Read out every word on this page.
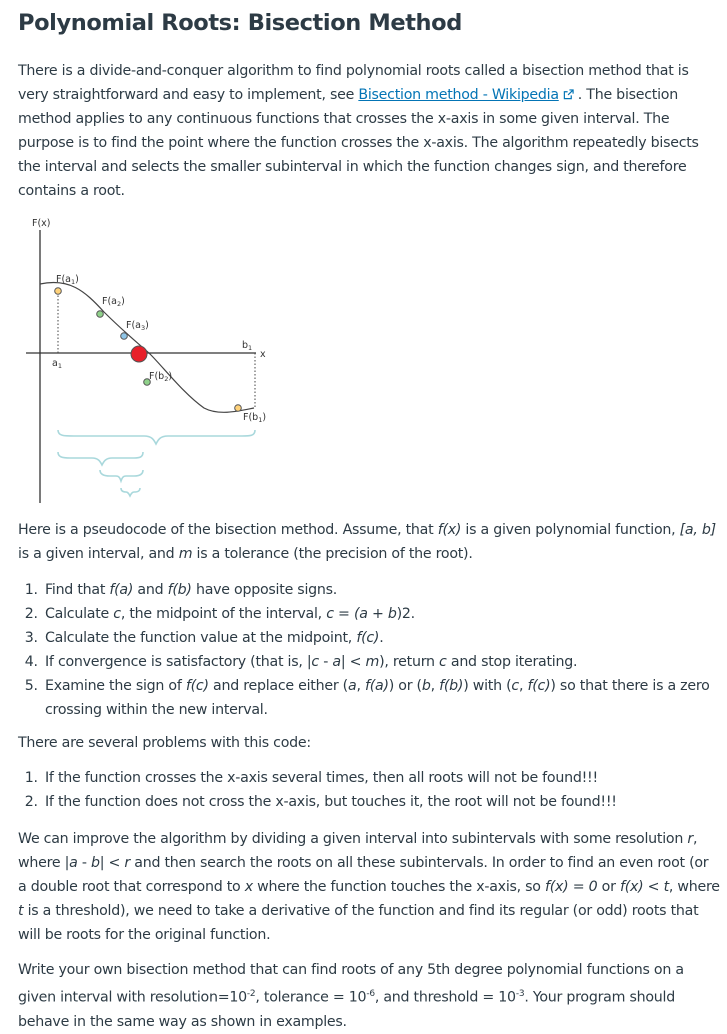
Polynomial Roots: Bisection Method

There is a divide-and-conquer algorithm to find polynomial roots called a bisection method that is very straightforward and easy to implement, see Bisection method - Wikipedia . The bisection method applies to any continuous functions that crosses the x-axis in some given interval. The purpose is to find the point where the function crosses the x-axis. The algorithm repeatedly bisects the interval and selects the smaller subinterval in which the function changes sign, and therefore contains a root.

F(x)
x
$F(a_1)$
$F(a_2)$
$F(a_3)$
$F(b_2)$
$F(b_1)$
$a_1$
$b_1$

Here is a pseudocode of the bisection method. Assume, that f(x) is a given polynomial function, [a, b] is a given interval, and m is a tolerance (the precision of the root).

1. Find that f(a) and f(b) have opposite signs.
2. Calculate c, the midpoint of the interval, c = (a + b)2.
3. Calculate the function value at the midpoint, f(c).
4. If convergence is satisfactory (that is, |c - a| < m), return c and stop iterating.
5. Examine the sign of f(c) and replace either (a, f(a)) or (b, f(b)) with (c, f(c)) so that there is a zero crossing within the new interval.

There are several problems with this code:

1. If the function crosses the x-axis several times, then all roots will not be found!!!
2. If the function does not cross the x-axis, but touches it, the root will not be found!!!

We can improve the algorithm by dividing a given interval into subintervals with some resolution r, where |a - b| < r and then search the roots on all these subintervals. In order to find an even root (or a double root that correspond to x where the function touches the x-axis, so f(x) = 0 or f(x) < t, where t is a threshold), we need to take a derivative of the function and find its regular (or odd) roots that will be roots for the original function.

Write your own bisection method that can find roots of any 5th degree polynomial functions on a given interval with $resolution=10^{-2}$, tolerance = $10^{-6}$, and threshold = $10^{-3}$. Your program should behave in the same way as shown in examples.
